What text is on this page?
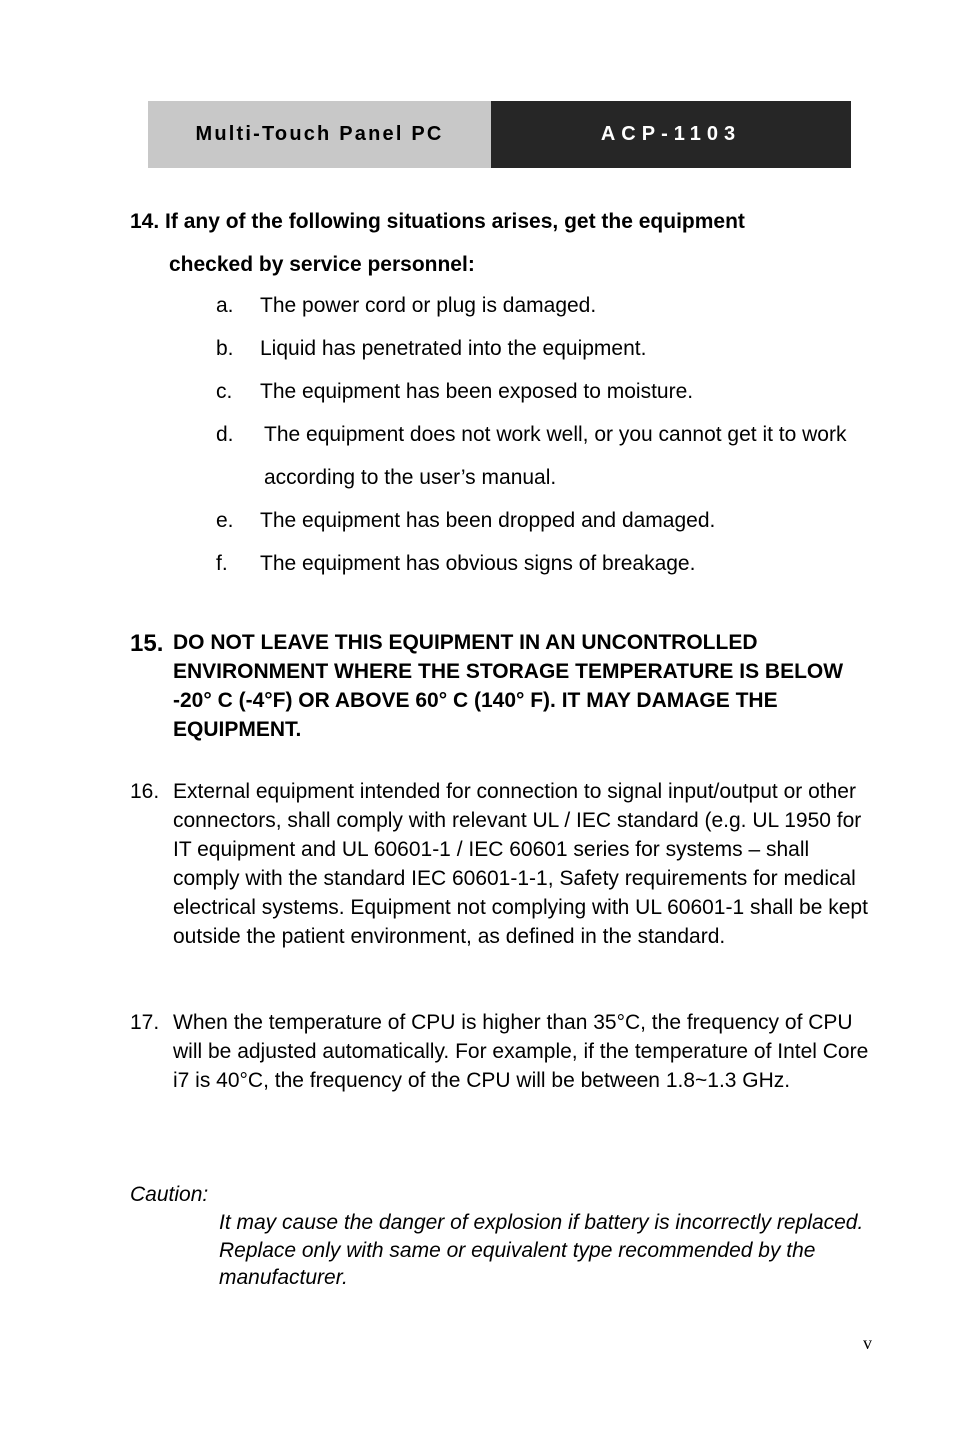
Multi-Touch Panel PC	ACP-1103
14. If any of the following situations arises, get the equipment
checked by service personnel:
a.	The power cord or plug is damaged.
b.	Liquid has penetrated into the equipment.
c.	The equipment has been exposed to moisture.
d.	The equipment does not work well, or you cannot get it to work according to the user’s manual.
e.	The equipment has been dropped and damaged.
f.	The equipment has obvious signs of breakage.
15. DO NOT LEAVE THIS EQUIPMENT IN AN UNCONTROLLED ENVIRONMENT WHERE THE STORAGE TEMPERATURE IS BELOW -20° C (-4°F) OR ABOVE 60° C (140° F). IT MAY DAMAGE THE EQUIPMENT.
16. External equipment intended for connection to signal input/output or other connectors, shall comply with relevant UL / IEC standard (e.g. UL 1950 for IT equipment and UL 60601-1 / IEC 60601 series for systems – shall comply with the standard IEC 60601-1-1, Safety requirements for medical electrical systems. Equipment not complying with UL 60601-1 shall be kept outside the patient environment, as defined in the standard.
17. When the temperature of CPU is higher than 35°C, the frequency of CPU will be adjusted automatically. For example, if the temperature of Intel Core i7 is 40°C, the frequency of the CPU will be between 1.8~1.3 GHz.
Caution:
It may cause the danger of explosion if battery is incorrectly replaced. Replace only with same or equivalent type recommended by the manufacturer.
v
